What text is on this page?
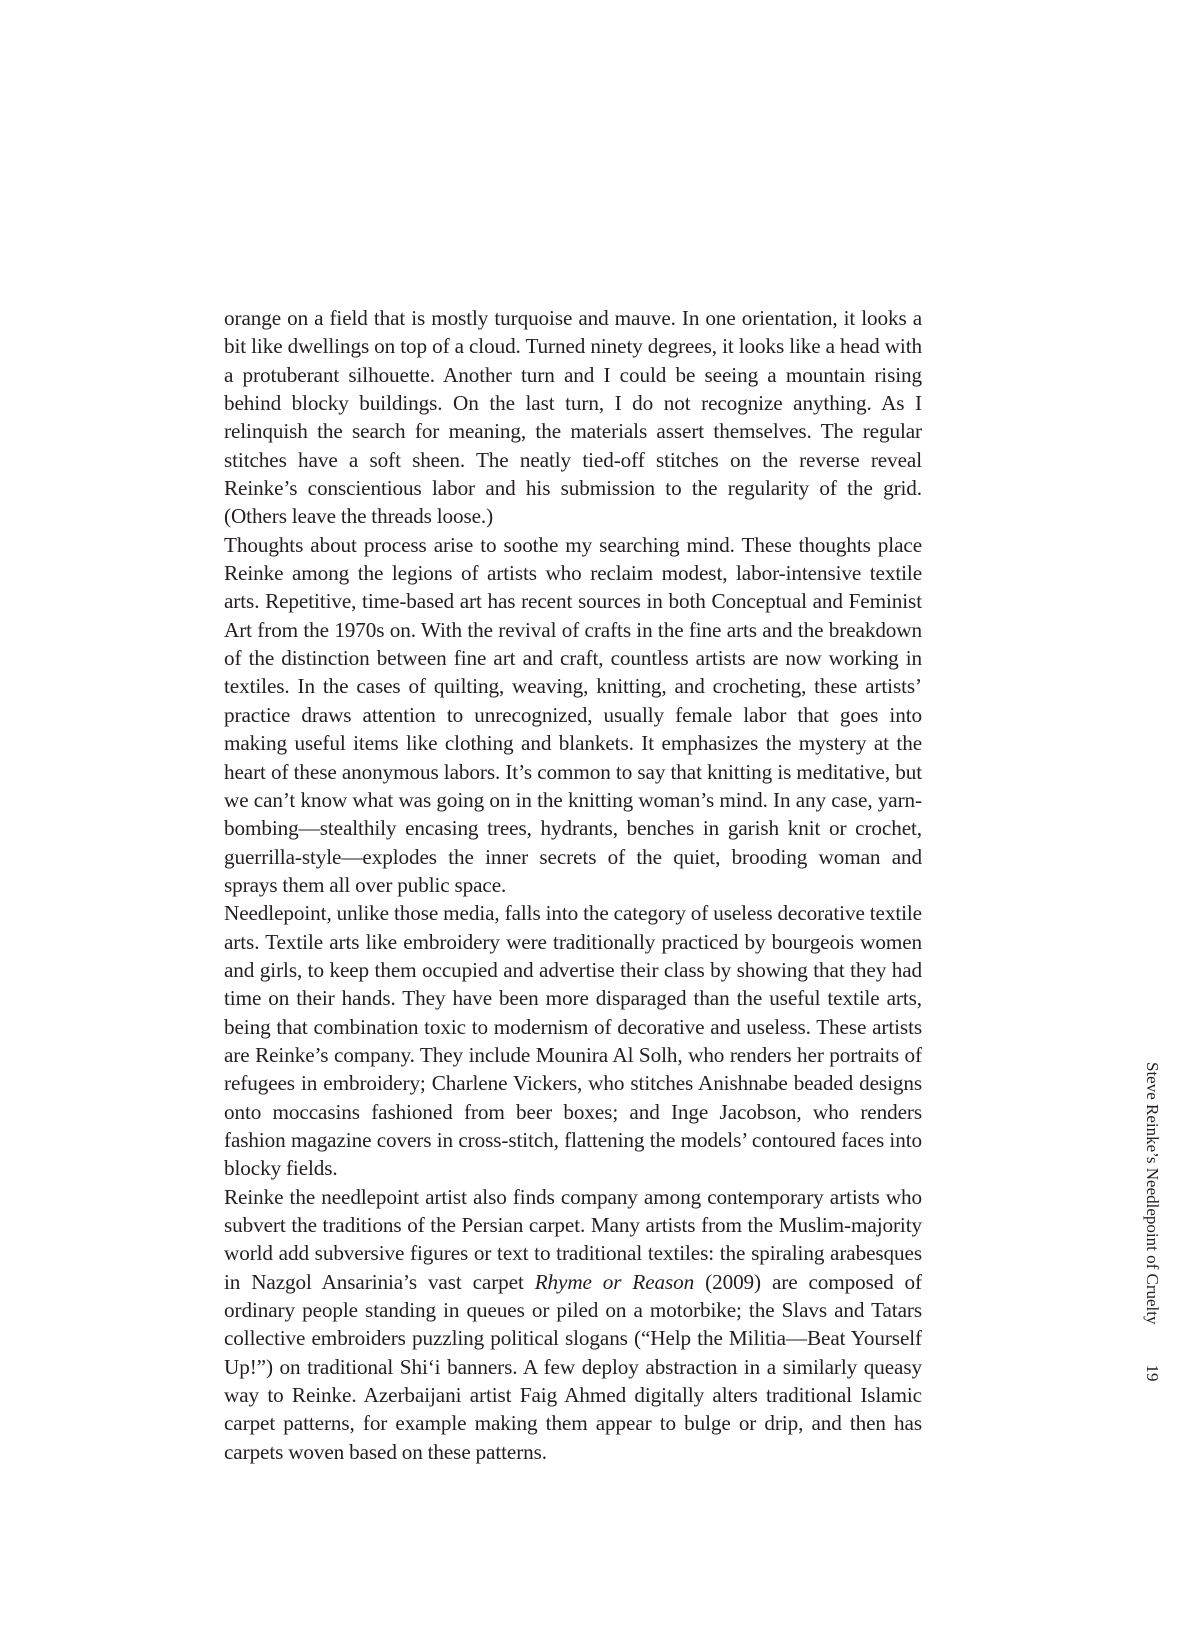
orange on a field that is mostly turquoise and mauve. In one orientation, it looks a bit like dwellings on top of a cloud. Turned ninety degrees, it looks like a head with a protuberant silhouette. Another turn and I could be seeing a mountain rising behind blocky buildings. On the last turn, I do not recognize anything. As I relinquish the search for meaning, the materials assert themselves. The regular stitches have a soft sheen. The neatly tied-off stitches on the reverse reveal Reinke’s conscientious labor and his submission to the regularity of the grid. (Others leave the threads loose.)

Thoughts about process arise to soothe my searching mind. These thoughts place Reinke among the legions of artists who reclaim modest, labor-intensive textile arts. Repetitive, time-based art has recent sources in both Conceptual and Feminist Art from the 1970s on. With the revival of crafts in the fine arts and the breakdown of the distinction between fine art and craft, countless artists are now working in textiles. In the cases of quilting, weaving, knitting, and crocheting, these artists’ practice draws attention to unrecognized, usually female labor that goes into making useful items like clothing and blankets. It emphasizes the mystery at the heart of these anonymous labors. It’s common to say that knitting is meditative, but we can’t know what was going on in the knitting woman’s mind. In any case, yarn-bombing—stealthily encasing trees, hydrants, benches in garish knit or crochet, guerrilla-style—explodes the inner secrets of the quiet, brooding woman and sprays them all over public space.

Needlepoint, unlike those media, falls into the category of useless decorative textile arts. Textile arts like embroidery were traditionally practiced by bourgeois women and girls, to keep them occupied and advertise their class by showing that they had time on their hands. They have been more disparaged than the useful textile arts, being that combination toxic to modernism of decorative and useless. These artists are Reinke’s company. They include Mounira Al Solh, who renders her portraits of refugees in embroidery; Charlene Vickers, who stitches Anishnabe beaded designs onto moccasins fashioned from beer boxes; and Inge Jacobson, who renders fashion magazine covers in cross-stitch, flattening the models’ contoured faces into blocky fields.

Reinke the needlepoint artist also finds company among contemporary artists who subvert the traditions of the Persian carpet. Many artists from the Muslim-majority world add subversive figures or text to traditional textiles: the spiraling arabesques in Nazgol Ansarinia’s vast carpet Rhyme or Reason (2009) are composed of ordinary people standing in queues or piled on a motorbike; the Slavs and Tatars collective embroiders puzzling political slogans (“Help the Militia—Beat Yourself Up!”) on traditional Shi‘i banners. A few deploy abstraction in a similarly queasy way to Reinke. Azerbaijani artist Faig Ahmed digitally alters traditional Islamic carpet patterns, for example making them appear to bulge or drip, and then has carpets woven based on these patterns.

Steve Reinke’s Needlepoint of Cruelty19
